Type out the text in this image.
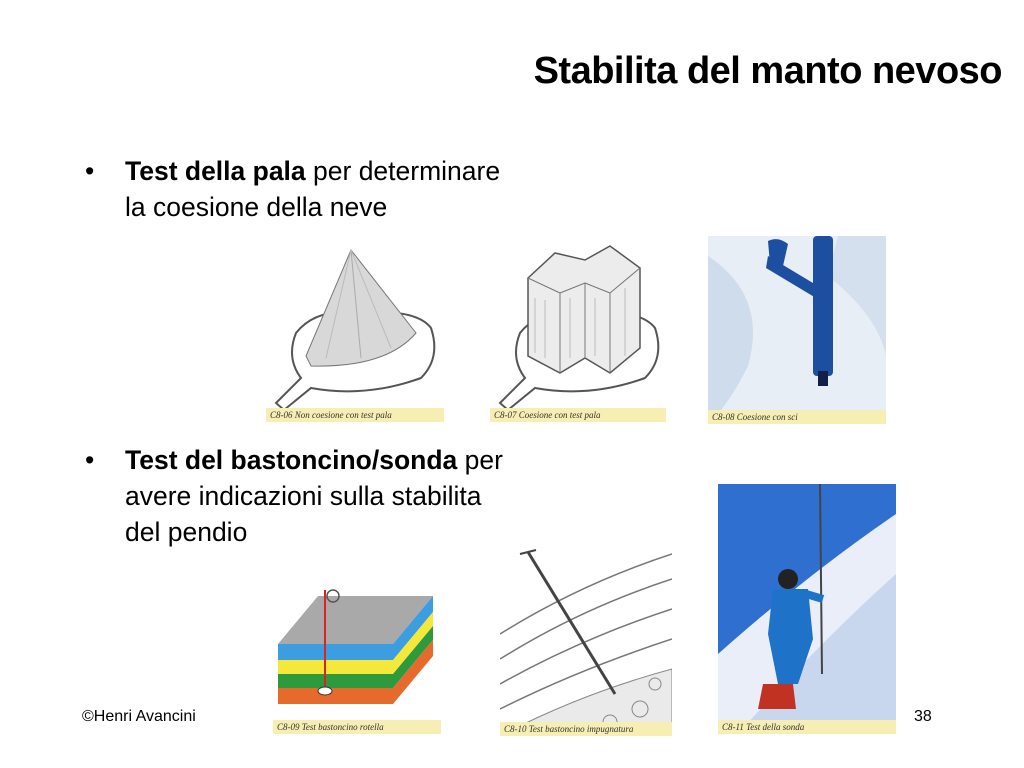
Stabilita del manto nevoso
• Test della pala per determinare
la coesione della neve
• Test del bastoncino/sonda per
avere indicazioni sulla stabilita
del pendio
C8-06 Non coesione con test pala	C8-07 Coesione con test pala	C8-08 Coesione con sci
C8-09 Test bastoncino rotella	C8-10 Test bastoncino impugnatura	C8-11 Test della sonda
©Henri Avancini	38
